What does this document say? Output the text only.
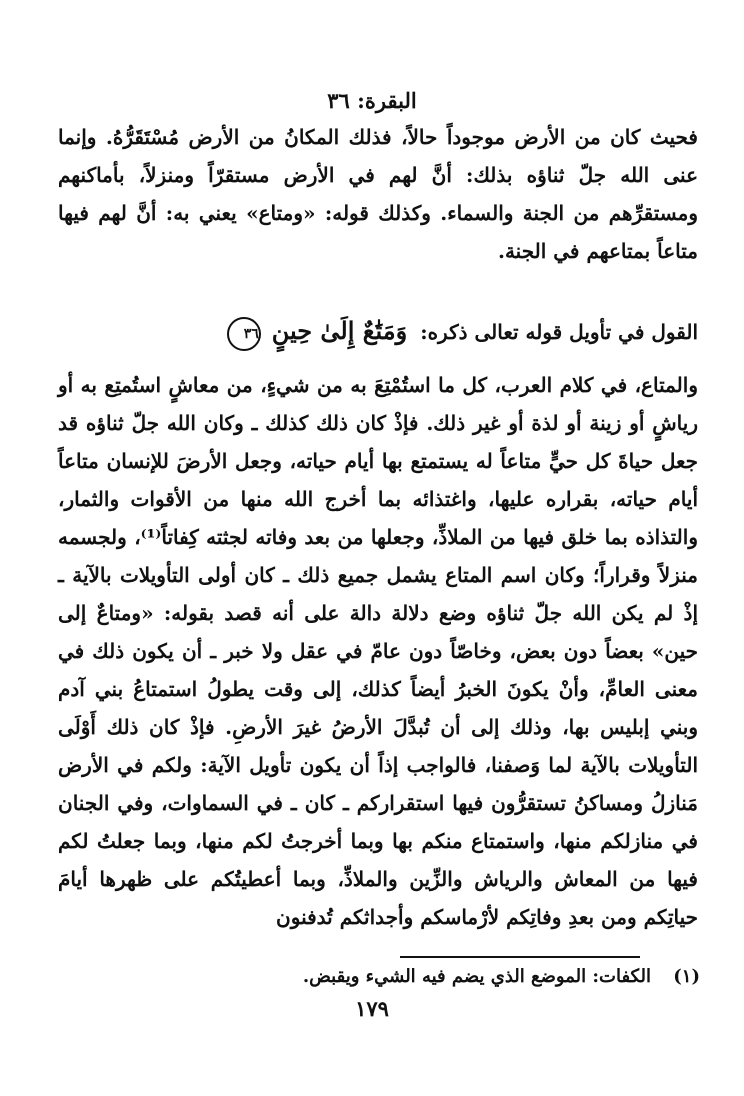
البقرة: ٣٦

فحيث كان من الأرض موجوداً حالاً، فذلك المكانُ من الأرض مُسْتَقَرُّهُ. وإنما عنى الله جلّ ثناؤه بذلك: أنَّ لهم في الأرض مستقرّاً ومنزلاً، بأماكنهم ومستقرِّهم من الجنة والسماء. وكذلك قوله: «ومتاع» يعني به: أنَّ لهم فيها متاعاً بمتاعهم في الجنة.

القول في تأويل قوله تعالى ذكره: وَمَتَٰعٌ إِلَىٰ حِينٍ ٣٦

والمتاع، في كلام العرب، كل ما استُمْتِعَ به من شيءٍ، من معاشٍ استُمتِع به أو رياشٍ أو زينة أو لذة أو غير ذلك. فإذْ كان ذلك كذلك ـ وكان الله جلّ ثناؤه قد جعل حياةَ كل حيٍّ متاعاً له يستمتع بها أيام حياته، وجعل الأرضَ للإنسان متاعاً أيام حياته، بقراره عليها، واغتذائه بما أخرج الله منها من الأقوات والثمار، والتذاذه بما خلق فيها من الملاذِّ، وجعلها من بعد وفاته لجثته كِفاتاً⁽¹⁾، ولجسمه منزلاً وقراراً؛ وكان اسم المتاع يشمل جميع ذلك ـ كان أولى التأويلات بالآية ـ إذْ لم يكن الله جلّ ثناؤه وضع دلالة دالة على أنه قصد بقوله: «ومتاعٌ إلى حين» بعضاً دون بعض، وخاصّاً دون عامّ في عقل ولا خبر ـ أن يكون ذلك في معنى العامِّ، وأنْ يكونَ الخبرُ أيضاً كذلك، إلى وقت يطولُ استمتاعُ بني آدم وبني إبليس بها، وذلك إلى أن تُبدَّلَ الأرضُ غيرَ الأرضِ. فإذْ كان ذلك أَوْلَى التأويلات بالآية لما وَصفنا، فالواجب إذاً أن يكون تأويل الآية: ولكم في الأرض مَنازلُ ومساكنُ تستقرُّون فيها استقراركم ـ كان ـ في السماوات، وفي الجنان في منازلكم منها، واستمتاع منكم بها وبما أخرجتُ لكم منها، وبما جعلتُ لكم فيها من المعاش والرياش والزِّين والملاذِّ، وبما أعطيتُكم على ظهرها أيامَ حياتِكم ومن بعدِ وفاتِكم لأرْماسكم وأجداثكم تُدفنون

(١) الكفات: الموضع الذي يضم فيه الشيء ويقبض.
١٧٩
